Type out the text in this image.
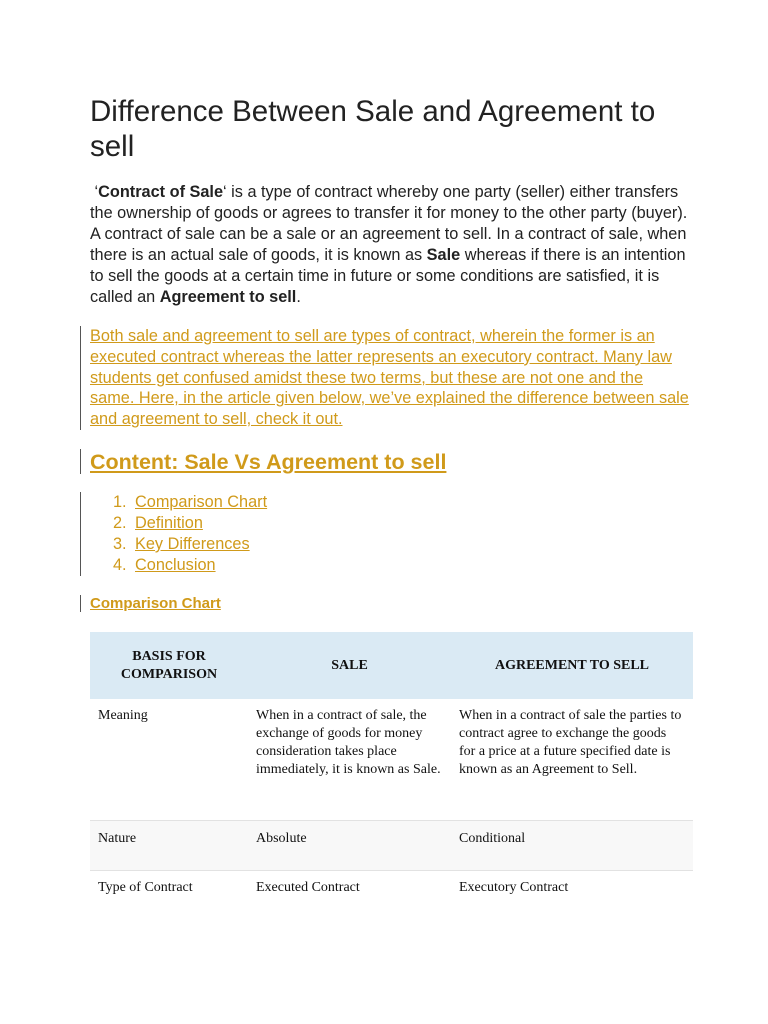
Difference Between Sale and Agreement to sell

‘Contract of Sale‘ is a type of contract whereby one party (seller) either transfers the ownership of goods or agrees to transfer it for money to the other party (buyer). A contract of sale can be a sale or an agreement to sell. In a contract of sale, when there is an actual sale of goods, it is known as Sale whereas if there is an intention to sell the goods at a certain time in future or some conditions are satisfied, it is called an Agreement to sell.

Both sale and agreement to sell are types of contract, wherein the former is an executed contract whereas the latter represents an executory contract. Many law students get confused amidst these two terms, but these are not one and the same. Here, in the article given below, we’ve explained the difference between sale and agreement to sell, check it out.

Content: Sale Vs Agreement to sell
1. Comparison Chart
2. Definition
3. Key Differences
4. Conclusion
Comparison Chart
BASIS FOR COMPARISON	SALE	AGREEMENT TO SELL
Meaning	When in a contract of sale, the exchange of goods for money consideration takes place immediately, it is known as Sale.	When in a contract of sale the parties to contract agree to exchange the goods for a price at a future specified date is known as an Agreement to Sell.
Nature	Absolute	Conditional
Type of Contract	Executed Contract	Executory Contract
